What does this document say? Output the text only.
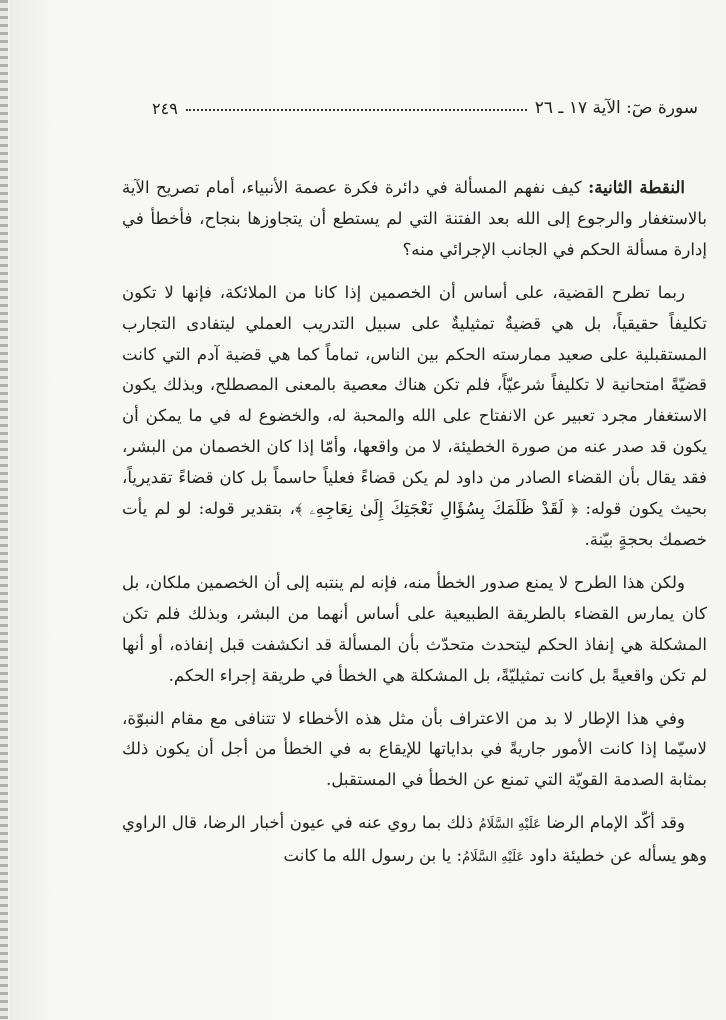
سورة صٓ: الآية ١٧ ـ ٢٦
٢٤٩

النقطة الثانية: كيف نفهم المسألة في دائرة فكرة عصمة الأنبياء، أمام تصريح الآية بالاستغفار والرجوع إلى الله بعد الفتنة التي لم يستطع أن يتجاوزها بنجاح، فأخطأ في إدارة مسألة الحكم في الجانب الإجرائي منه؟

ربما تطرح القضية، على أساس أن الخصمين إذا كانا من الملائكة، فإنها لا تكون تكليفاً حقيقياً، بل هي قضيةٌ تمثيليةٌ على سبيل التدريب العملي ليتفادى التجارب المستقبلية على صعيد ممارسته الحكم بين الناس، تماماً كما هي قضية آدم التي كانت قضيّةً امتحانية لا تكليفاً شرعيّاً، فلم تكن هناك معصية بالمعنى المصطلح، وبذلك يكون الاستغفار مجرد تعبير عن الانفتاح على الله والمحبة له، والخضوع له في ما يمكن أن يكون قد صدر عنه من صورة الخطيئة، لا من واقعها، وأمّا إذا كان الخصمان من البشر، فقد يقال بأن القضاء الصادر من داود لم يكن قضاءً فعلياً حاسماً بل كان قضاءً تقديرياً، بحيث يكون قوله: ﴿ لَقَدْ ظَلَمَكَ بِسُؤَالِ نَعْجَتِكَ إِلَىٰ نِعَاجِهِۦ ﴾، بتقدير قوله: لو لم يأت خصمك بحجةٍ بيّنة.

ولكن هذا الطرح لا يمنع صدور الخطأ منه، فإنه لم ينتبه إلى أن الخصمين ملكان، بل كان يمارس القضاء بالطريقة الطبيعية على أساس أنهما من البشر، وبذلك فلم تكن المشكلة هي إنفاذ الحكم ليتحدث متحدّث بأن المسألة قد انكشفت قبل إنفاذه، أو أنها لم تكن واقعيةً بل كانت تمثيليّةً، بل المشكلة هي الخطأ في طريقة إجراء الحكم.

وفي هذا الإطار لا بد من الاعتراف بأن مثل هذه الأخطاء لا تتنافى مع مقام النبوّة، لاسيّما إذا كانت الأمور جاريةً في بداياتها للإيقاع به في الخطأ من أجل أن يكون ذلك بمثابة الصدمة القويّة التي تمنع عن الخطأ في المستقبل.

وقد أكّد الإمام الرضا عَلَيْهِ السَّلَامُ ذلك بما روي عنه في عيون أخبار الرضا، قال الراوي وهو يسأله عن خطيئة داود عَلَيْهِ السَّلَامُ: يا بن رسول الله ما كانت
